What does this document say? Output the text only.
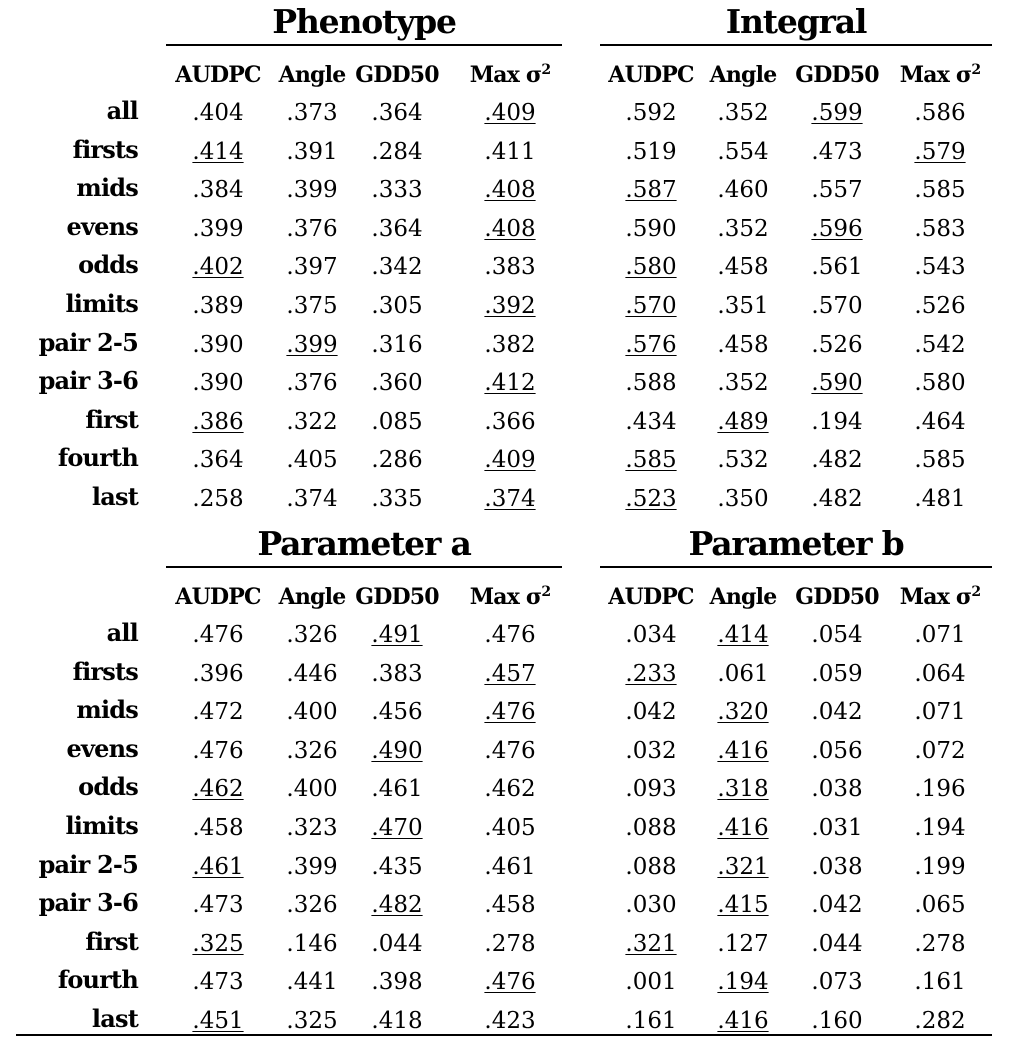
Phenotype	Integral
AUDPC Angle GDD50	Max $\sigma^2$	AUDPC Angle GDD50 Max $\sigma^2$
all	.404	.373	.364	.409	.592	.352	.599	.586
firsts	.414	.391	.284	.411	.519	.554	.473	.579
mids	.384	.399	.333	.408	.587	.460	.557	.585
evens	.399	.376	.364	.408	.590	.352	.596	.583
odds	.402	.397	.342	.383	.580	.458	.561	.543
limits	.389	.375	.305	.392	.570	.351	.570	.526
pair 2-5	.390	.399	.316	.382	.576	.458	.526	.542
pair 3-6	.390	.376	.360	.412	.588	.352	.590	.580
first	.386	.322	.085	.366	.434	.489	.194	.464
fourth	.364	.405	.286	.409	.585	.532	.482	.585
last	.258	.374	.335	.374	.523	.350	.482	.481
Parameter a	Parameter b
AUDPC Angle GDD50	Max $\sigma^2$	AUDPC Angle GDD50 Max $\sigma^2$
all	.476	.326	.491	.476	.034	.414	.054	.071
firsts	.396	.446	.383	.457	.233	.061	.059	.064
mids	.472	.400	.456	.476	.042	.320	.042	.071
evens	.476	.326	.490	.476	.032	.416	.056	.072
odds	.462	.400	.461	.462	.093	.318	.038	.196
limits	.458	.323	.470	.405	.088	.416	.031	.194
pair 2-5	.461	.399	.435	.461	.088	.321	.038	.199
pair 3-6	.473	.326	.482	.458	.030	.415	.042	.065
first	.325	.146	.044	.278	.321	.127	.044	.278
fourth	.473	.441	.398	.476	.001	.194	.073	.161
last	.451	.325	.418	.423	.161	.416	.160	.282
